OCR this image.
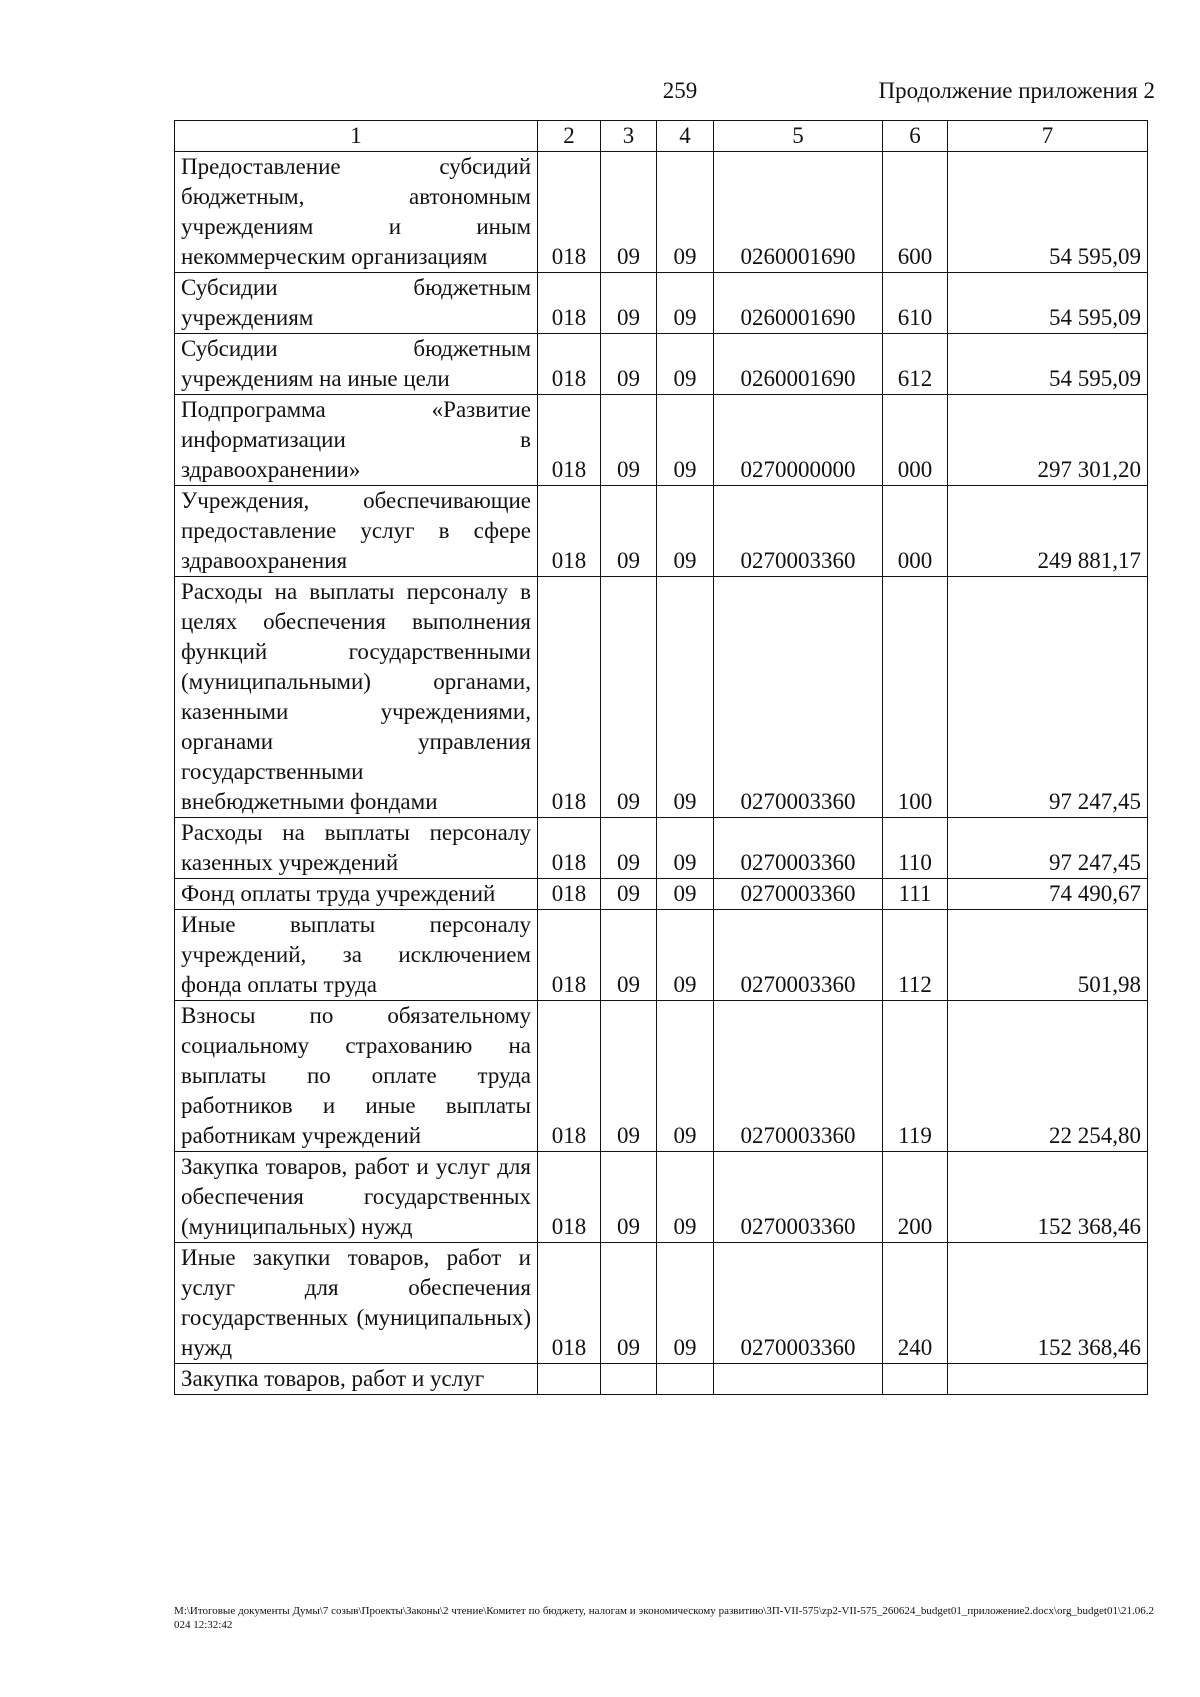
259	Продолжение приложения 2
1	2	3	4	5	6	7
Предоставление субсидий бюджетным, автономным учреждениям и иным некоммерческим организациям	018	09	09	0260001690	600	54 595,09
Субсидии бюджетным учреждениям	018	09	09	0260001690	610	54 595,09
Субсидии бюджетным учреждениям на иные цели	018	09	09	0260001690	612	54 595,09
Подпрограмма «Развитие информатизации в здравоохранении»	018	09	09	0270000000	000	297 301,20
Учреждения, обеспечивающие предоставление услуг в сфере здравоохранения	018	09	09	0270003360	000	249 881,17
Расходы на выплаты персоналу в целях обеспечения выполнения функций государственными (муниципальными) органами, казенными учреждениями, органами управления государственными внебюджетными фондами	018	09	09	0270003360	100	97 247,45
Расходы на выплаты персоналу казенных учреждений	018	09	09	0270003360	110	97 247,45
Фонд оплаты труда учреждений	018	09	09	0270003360	111	74 490,67
Иные выплаты персоналу учреждений, за исключением фонда оплаты труда	018	09	09	0270003360	112	501,98
Взносы по обязательному социальному страхованию на выплаты по оплате труда работников и иные выплаты работникам учреждений	018	09	09	0270003360	119	22 254,80
Закупка товаров, работ и услуг для обеспечения государственных (муниципальных) нужд	018	09	09	0270003360	200	152 368,46
Иные закупки товаров, работ и услуг для обеспечения государственных (муниципальных) нужд	018	09	09	0270003360	240	152 368,46
Закупка товаров, работ и услуг						
M:\Итоговые документы Думы\7 созыв\Проекты\Законы\2 чтение\Комитет по бюджету, налогам и экономическому развитию\3П-VII-575\zp2-VII-575_260624_budget01_приложение2.docx\org_budget01\21.06.2024 12:32:42
